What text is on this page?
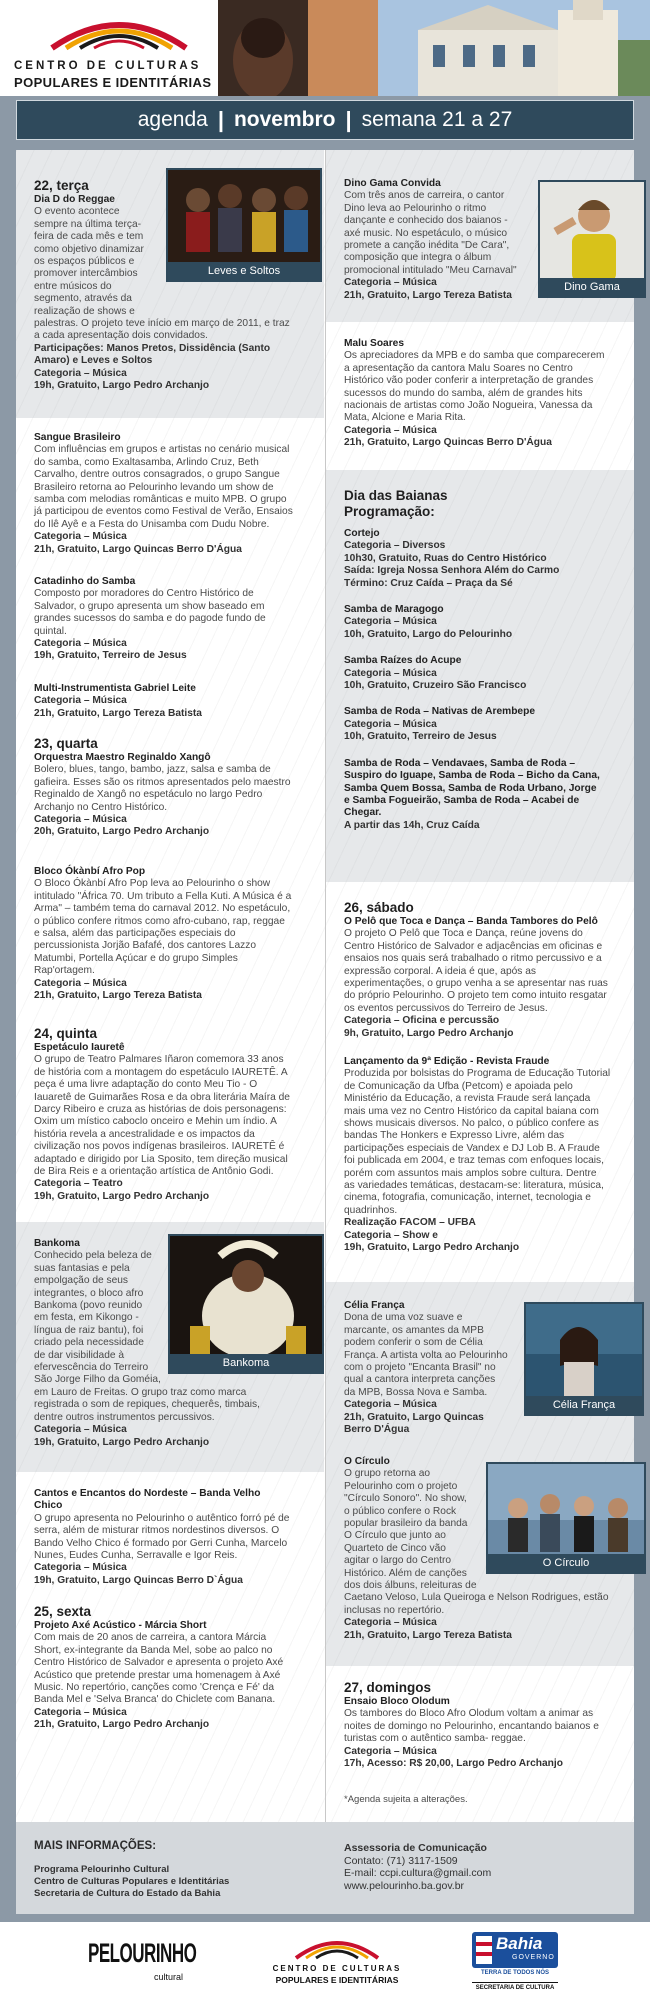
CENTRO DE CULTURAS
POPULARES E IDENTITÁRIAS
agenda | novembro | semana 21 a 27
22, terça
Dia D do Reggae

O evento acontece

sempre na última terça-

feira de cada mês e tem

como objetivo dinamizar

os espaços públicos e

promover intercâmbios

entre músicos do

segmento, através da

realização de shows e

palestras. O projeto teve início em março de 2011, e traz

a cada apresentação dois convidados.

Participações: Manos Pretos, Dissidência (Santo

Amaro) e Leves e Soltos

Categoria – Música

19h, Gratuito, Largo Pedro Archanjo

Leves e Soltos
Sangue Brasileiro

Com influências em grupos e artistas no cenário musical

do samba, como Exaltasamba, Arlindo Cruz, Beth

Carvalho, dentre outros consagrados, o grupo Sangue

Brasileiro retorna ao Pelourinho levando um show de

samba com melodias românticas e muito MPB. O grupo

já participou de eventos como Festival de Verão, Ensaios

do Ilê Ayê e a Festa do Unisamba com Dudu Nobre.

Categoria – Música

21h, Gratuito, Largo Quincas Berro D'Água

Catadinho do Samba

Composto por moradores do Centro Histórico de

Salvador, o grupo apresenta um show baseado em

grandes sucessos do samba e do pagode fundo de

quintal.

Categoria – Música

19h, Gratuito, Terreiro de Jesus

Multi-Instrumentista Gabriel Leite

Categoria – Música

21h, Gratuito, Largo Tereza Batista

23, quarta
Orquestra Maestro Reginaldo Xangô

Bolero, blues, tango, bambo, jazz, salsa e samba de

gafieira. Esses são os ritmos apresentados pelo maestro

Reginaldo de Xangô no espetáculo no largo Pedro

Archanjo no Centro Histórico.

Categoria – Música

20h, Gratuito, Largo Pedro Archanjo

Bloco Ókànbí Afro Pop

O Bloco Ókànbí Afro Pop leva ao Pelourinho o show

intitulado "África 70. Um tributo a Fella Kuti. A Música é a

Arma" – também tema do carnaval 2012. No espetáculo,

o público confere ritmos como afro-cubano, rap, reggae

e salsa, além das participações especiais do

percussionista Jorjão Bafafé, dos cantores Lazzo

Matumbi, Portella Açúcar e do grupo Simples

Rap'ortagem.

Categoria – Música

21h, Gratuito, Largo Tereza Batista

24, quinta
Espetáculo Iauretê

O grupo de Teatro Palmares Iñaron comemora 33 anos

de história com a montagem do espetáculo IAURETÊ. A

peça é uma livre adaptação do conto Meu Tio - O

Iauaretê de Guimarães Rosa e da obra literária Maíra de

Darcy Ribeiro e cruza as histórias de dois personagens:

Oxim um místico caboclo onceiro e Mehin um índio. A

história revela a ancestralidade e os impactos da

civilização nos povos indígenas brasileiros. IAURETÊ é

adaptado e dirigido por Lia Sposito, tem direção musical

de Bira Reis e a orientação artística de Antônio Godi.

Categoria – Teatro

19h, Gratuito, Largo Pedro Archanjo

Bankoma

Conhecido pela beleza de

suas fantasias e pela

empolgação de seus

integrantes, o bloco afro

Bankoma (povo reunido

em festa, em Kikongo -

língua de raiz bantu), foi

criado pela necessidade

de dar visibilidade à

efervescência do Terreiro

São Jorge Filho da Goméia,

em Lauro de Freitas. O grupo traz como marca

registrada o som de repiques, chequerês, timbais,

dentre outros instrumentos percussivos.

Categoria – Música

19h, Gratuito, Largo Pedro Archanjo

Bankoma
Cantos e Encantos do Nordeste – Banda Velho
Chico

O grupo apresenta no Pelourinho o autêntico forró pé de

serra, além de misturar ritmos nordestinos diversos. O

Bando Velho Chico é formado por Gerri Cunha, Marcelo

Nunes, Eudes Cunha, Serravalle e Igor Reis.

Categoria – Música

19h, Gratuito, Largo Quincas Berro D`Água

25, sexta
Projeto Axé Acústico - Márcia Short

Com mais de 20 anos de carreira, a cantora Márcia

Short, ex-integrante da Banda Mel, sobe ao palco no

Centro Histórico de Salvador e apresenta o projeto Axé

Acústico que pretende prestar uma homenagem à Axé

Music. No repertório, canções como 'Crença e Fé' da

Banda Mel e 'Selva Branca' do Chiclete com Banana.

Categoria – Música

21h, Gratuito, Largo Pedro Archanjo

Dino Gama Convida

Com três anos de carreira, o cantor

Dino leva ao Pelourinho o ritmo

dançante e conhecido dos baianos -

axé music. No espetáculo, o músico

promete a canção inédita "De Cara",

composição que integra o álbum

promocional intitulado "Meu Carnaval"

Categoria – Música

21h, Gratuito, Largo Tereza Batista

Dino Gama
Malu Soares

Os apreciadores da MPB e do samba que comparecerem

a apresentação da cantora Malu Soares no Centro

Histórico vão poder conferir a interpretação de grandes

sucessos do mundo do samba, além de grandes hits

nacionais de artistas como João Nogueira, Vanessa da

Mata, Alcione e Maria Rita.

Categoria – Música

21h, Gratuito, Largo Quincas Berro D'Água

Dia das Baianas
Programação:

Cortejo

Categoria – Diversos

10h30, Gratuito, Ruas do Centro Histórico

Saída: Igreja Nossa Senhora Além do Carmo

Término: Cruz Caída – Praça da Sé

Samba de Maragogo

Categoria – Música

10h, Gratuito, Largo do Pelourinho

Samba Raízes do Acupe

Categoria – Música

10h, Gratuito, Cruzeiro São Francisco

Samba de Roda – Nativas de Arembepe

Categoria – Música

10h, Gratuito, Terreiro de Jesus

Samba de Roda – Vendavaes, Samba de Roda –

Suspiro do Iguape, Samba de Roda – Bicho da Cana,

Samba Quem Bossa, Samba de Roda Urbano, Jorge

e Samba Fogueirão, Samba de Roda – Acabei de

Chegar.

A partir das 14h, Cruz Caída

26, sábado
O Pelô que Toca e Dança – Banda Tambores do Pelô

O projeto O Pelô que Toca e Dança, reúne jovens do

Centro Histórico de Salvador e adjacências em oficinas e

ensaios nos quais será trabalhado o ritmo percussivo e a

expressão corporal. A ideia é que, após as

experimentações, o grupo venha a se apresentar nas ruas

do próprio Pelourinho. O projeto tem como intuito resgatar

os eventos percussivos do Terreiro de Jesus.

Categoria – Oficina e percussão

9h, Gratuito, Largo Pedro Archanjo

Lançamento da 9ª Edição - Revista Fraude

Produzida por bolsistas do Programa de Educação Tutorial

de Comunicação da Ufba (Petcom) e apoiada pelo

Ministério da Educação, a revista Fraude será lançada

mais uma vez no Centro Histórico da capital baiana com

shows musicais diversos. No palco, o público confere as

bandas The Honkers e Expresso Livre, além das

participações especiais de Vandex e DJ Lob B. A Fraude

foi publicada em 2004, e traz temas com enfoques locais,

porém com assuntos mais amplos sobre cultura. Dentre

as variedades temáticas, destacam-se: literatura, música,

cinema, fotografia, comunicação, internet, tecnologia e

quadrinhos.

Realização FACOM – UFBA

Categoria – Show e

19h, Gratuito, Largo Pedro Archanjo

Célia França

Dona de uma voz suave e

marcante, os amantes da MPB

podem conferir o som de Célia

França. A artista volta ao Pelourinho

com o projeto "Encanta Brasil" no

qual a cantora interpreta canções

da MPB, Bossa Nova e Samba.

Categoria – Música

21h, Gratuito, Largo Quincas

Berro D'Água

Célia França
O Círculo

O grupo retorna ao

Pelourinho com o projeto

"Círculo Sonoro". No show,

o público confere o Rock

popular brasileiro da banda

O Círculo que junto ao

Quarteto de Cinco vão

agitar o largo do Centro

Histórico. Além de canções

dos dois álbuns, releituras de

Caetano Veloso, Lula Queiroga e Nelson Rodrigues, estão

inclusas no repertório.

Categoria – Música

21h, Gratuito, Largo Tereza Batista

O Círculo
27, domingos
Ensaio Bloco Olodum

Os tambores do Bloco Afro Olodum voltam a animar as

noites de domingo no Pelourinho, encantando baianos e

turistas com o autêntico samba- reggae.

Categoria – Música

17h, Acesso: R$ 20,00, Largo Pedro Archanjo

*Agenda sujeita a alterações.
MAIS INFORMAÇÕES:

Programa Pelourinho Cultural

Centro de Culturas Populares e Identitárias

Secretaria de Cultura do Estado da Bahia

Assessoria de Comunicação

Contato: (71) 3117-1509

E-mail: ccpi.cultura@gmail.com

www.pelourinho.ba.gov.br

PELOURINHO
cultural
CENTRO DE CULTURAS
POPULARES E IDENTITÁRIAS
Bahia
GOVERNO
TERRA DE TODOS NÓS
SECRETARIA DE CULTURA
